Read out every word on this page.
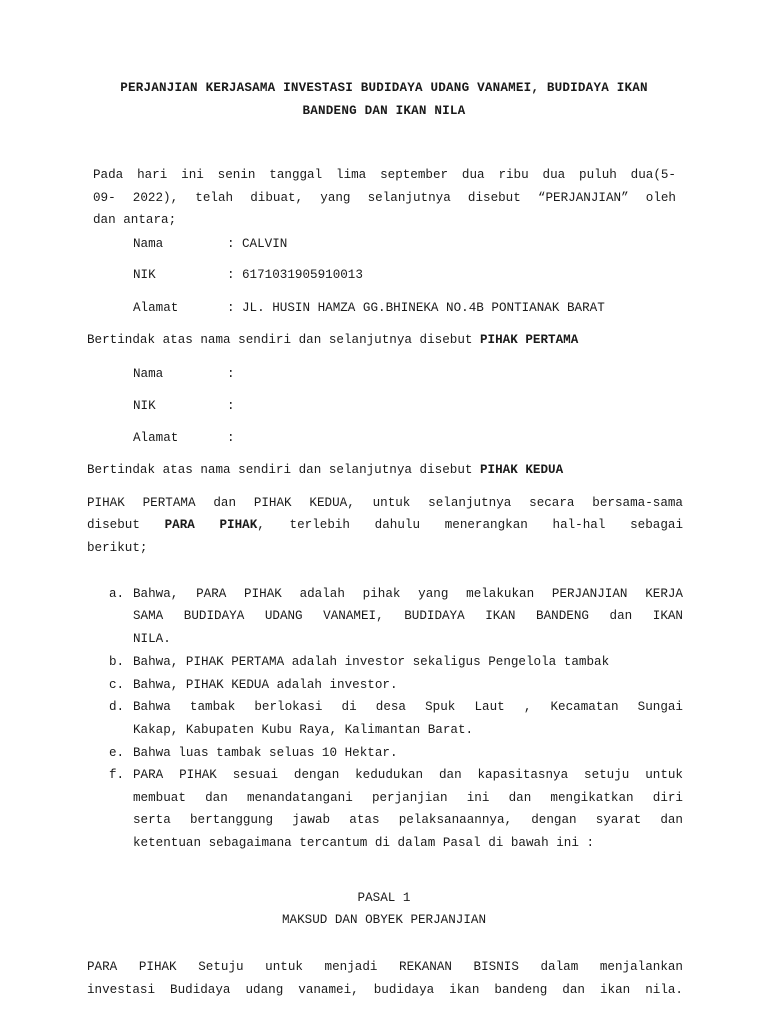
PERJANJIAN KERJASAMA INVESTASI BUDIDAYA UDANG VANAMEI, BUDIDAYA IKAN
BANDENG DAN IKAN NILA
Pada hari ini senin tanggal lima september dua ribu dua puluh dua(5-
09- 2022), telah dibuat, yang selanjutnya disebut “PERJANJIAN” oleh
dan antara;
Nama	: CALVIN
NIK	: 6171031905910013
Alamat	: JL. HUSIN HAMZA GG.BHINEKA NO.4B PONTIANAK BARAT
Bertindak atas nama sendiri dan selanjutnya disebut PIHAK PERTAMA
Nama	:
NIK	:
Alamat	:
Bertindak atas nama sendiri dan selanjutnya disebut PIHAK KEDUA
PIHAK PERTAMA dan PIHAK KEDUA, untuk selanjutnya secara bersama-sama
disebut PARA PIHAK, terlebih dahulu menerangkan hal-hal sebagai
berikut;
a. Bahwa, PARA PIHAK adalah pihak yang melakukan PERJANJIAN KERJA
SAMA BUDIDAYA UDANG VANAMEI, BUDIDAYA IKAN BANDENG dan IKAN
NILA.
b. Bahwa, PIHAK PERTAMA adalah investor sekaligus Pengelola tambak
c. Bahwa, PIHAK KEDUA adalah investor.
d. Bahwa tambak berlokasi di desa Spuk Laut , Kecamatan Sungai
Kakap, Kabupaten Kubu Raya, Kalimantan Barat.
e. Bahwa luas tambak seluas 10 Hektar.
f. PARA PIHAK sesuai dengan kedudukan dan kapasitasnya setuju untuk
membuat dan menandatangani perjanjian ini dan mengikatkan diri
serta bertanggung jawab atas pelaksanaannya, dengan syarat dan
ketentuan sebagaimana tercantum di dalam Pasal di bawah ini :
PASAL 1
MAKSUD DAN OBYEK PERJANJIAN
PARA PIHAK Setuju untuk menjadi REKANAN BISNIS dalam menjalankan
investasi Budidaya udang vanamei, budidaya ikan bandeng dan ikan nila.
